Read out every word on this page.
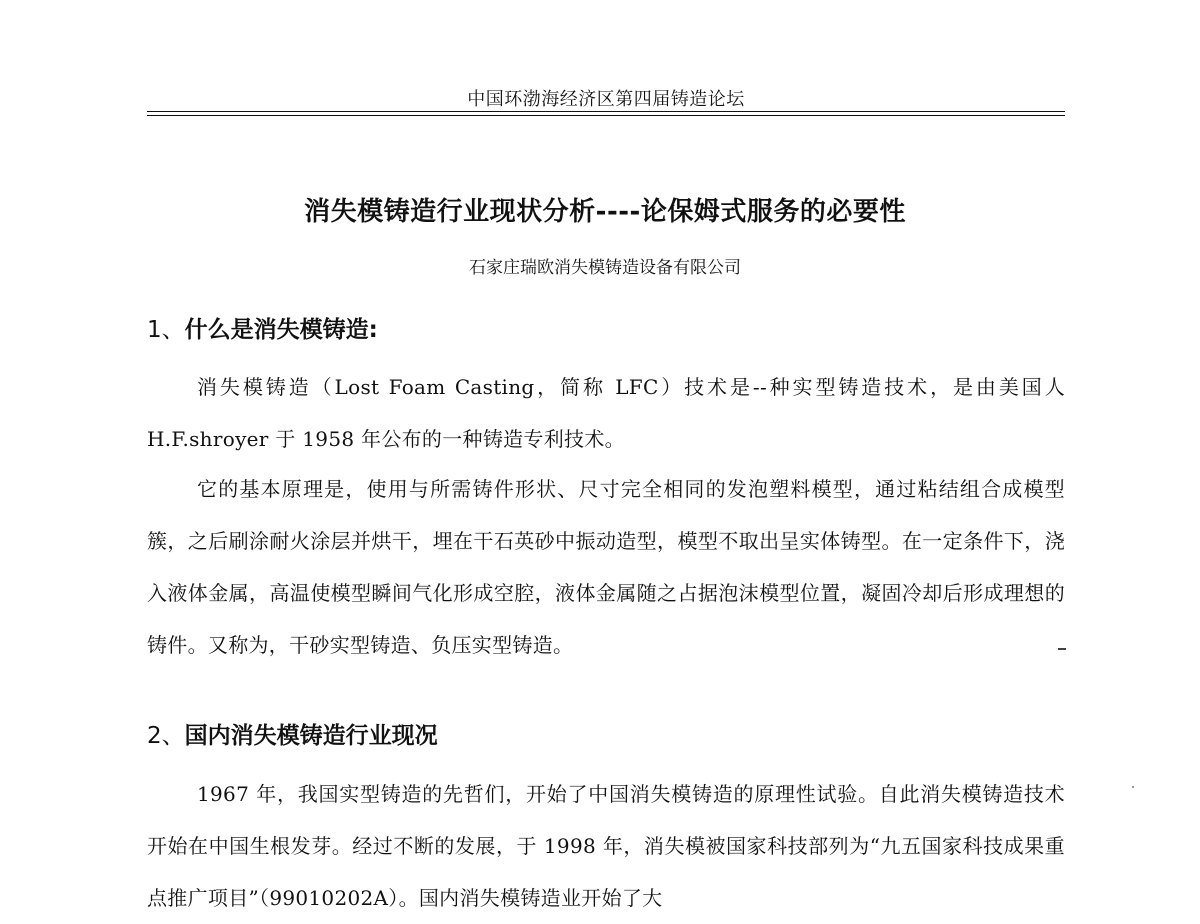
中国环渤海经济区第四届铸造论坛
消失模铸造行业现状分析----论保姆式服务的必要性
石家庄瑞欧消失模铸造设备有限公司
1、什么是消失模铸造:
消失模铸造（Lost Foam Casting，简称 LFC）技术是--种实型铸造技术，是由美国人 H.F.shroyer 于 1958 年公布的一种铸造专利技术。
它的基本原理是，使用与所需铸件形状、尺寸完全相同的发泡塑料模型，通过粘结组合成模型簇，之后刷涂耐火涂层并烘干，埋在干石英砂中振动造型，模型不取出呈实体铸型。在一定条件下，浇入液体金属，高温使模型瞬间气化形成空腔，液体金属随之占据泡沫模型位置，凝固冷却后形成理想的铸件。又称为，干砂实型铸造、负压实型铸造。
2、国内消失模铸造行业现况
1967 年，我国实型铸造的先哲们，开始了中国消失模铸造的原理性试验。自此消失模铸造技术开始在中国生根发芽。经过不断的发展，于 1998 年，消失模被国家科技部列为“九五国家科技成果重点推广项目”（99010202A）。国内消失模铸造业开始了大
